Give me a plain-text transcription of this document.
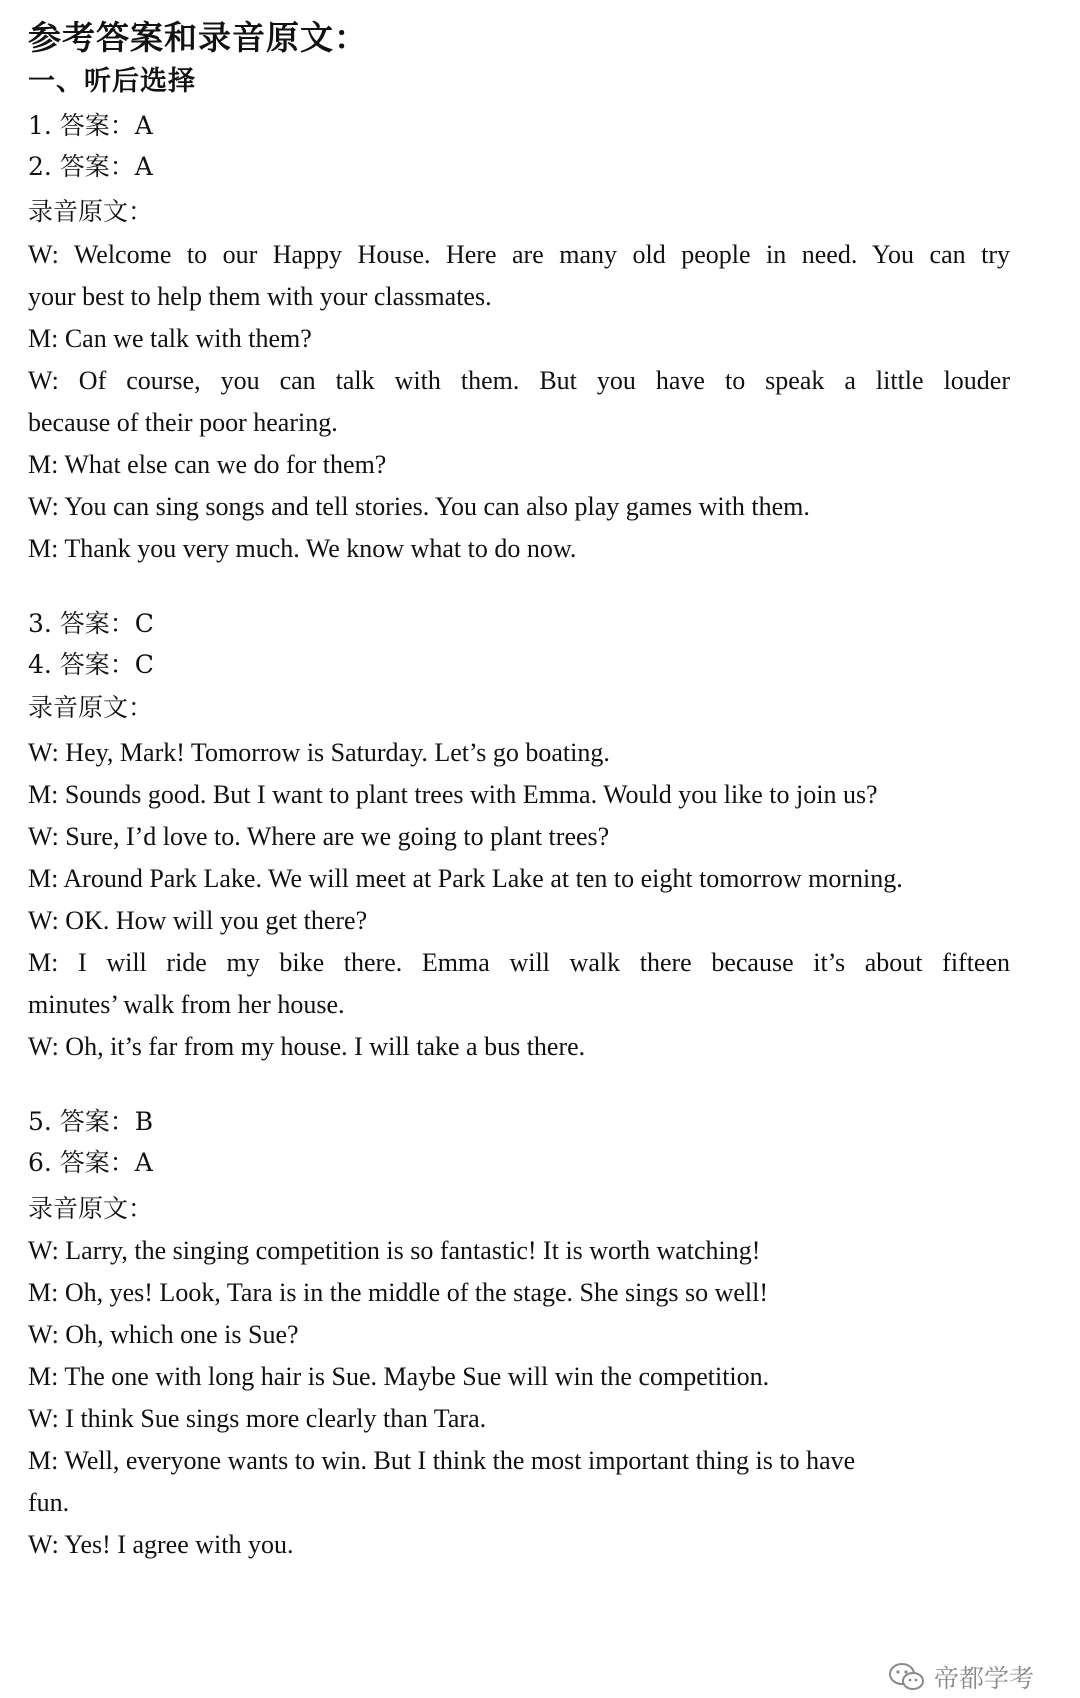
参考答案和录音原文：
一、听后选择
1. 答案：A
2. 答案：A
录音原文：
W: Welcome to our Happy House. Here are many old people in need. You can try
your best to help them with your classmates.
M: Can we talk with them?
W: Of course, you can talk with them. But you have to speak a little louder
because of their poor hearing.
M: What else can we do for them?
W: You can sing songs and tell stories. You can also play games with them.
M: Thank you very much. We know what to do now.
3. 答案：C
4. 答案：C
录音原文：
W: Hey, Mark! Tomorrow is Saturday. Let’s go boating.
M: Sounds good. But I want to plant trees with Emma. Would you like to join us?
W: Sure, I’d love to. Where are we going to plant trees?
M: Around Park Lake. We will meet at Park Lake at ten to eight tomorrow morning.
W: OK. How will you get there?
M: I will ride my bike there. Emma will walk there because it’s about fifteen
minutes’ walk from her house.
W: Oh, it’s far from my house. I will take a bus there.
5. 答案：B
6. 答案：A
录音原文：
W: Larry, the singing competition is so fantastic! It is worth watching!
M: Oh, yes! Look, Tara is in the middle of the stage. She sings so well!
W: Oh, which one is Sue?
M: The one with long hair is Sue. Maybe Sue will win the competition.
W: I think Sue sings more clearly than Tara.
M: Well, everyone wants to win. But I think the most important thing is to have
fun.
W: Yes! I agree with you.
帝都学考
